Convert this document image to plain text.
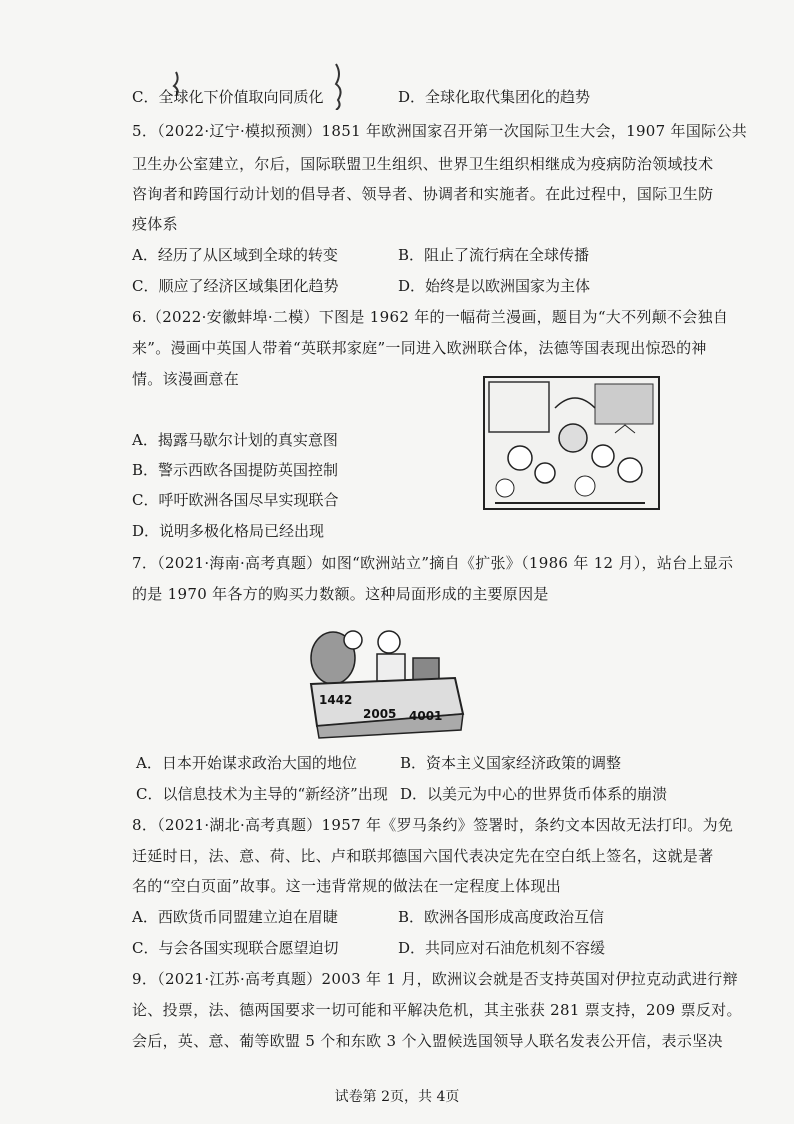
C．全球化下价值取向同质化	D．全球化取代集团化的趋势
5．（2022·辽宁·模拟预测）1851 年欧洲国家召开第一次国际卫生大会，1907 年国际公共
卫生办公室建立，尔后，国际联盟卫生组织、世界卫生组织相继成为疫病防治领域技术
咨询者和跨国行动计划的倡导者、领导者、协调者和实施者。在此过程中，国际卫生防
疫体系
A．经历了从区域到全球的转变	B．阻止了流行病在全球传播
C．顺应了经济区域集团化趋势	D．始终是以欧洲国家为主体
6.（2022·安徽蚌埠·二模）下图是 1962 年的一幅荷兰漫画，题目为“大不列颠不会独自
来”。漫画中英国人带着“英联邦家庭”一同进入欧洲联合体，法德等国表现出惊恐的神
情。该漫画意在
A．揭露马歇尔计划的真实意图
B．警示西欧各国提防英国控制
C．呼吁欧洲各国尽早实现联合
D．说明多极化格局已经出现
7．（2021·海南·高考真题）如图“欧洲站立”摘自《扩张》（1986 年 12 月），站台上显示
的是 1970 年各方的购买力数额。这种局面形成的主要原因是
1442
2005 4001
A．日本开始谋求政治大国的地位	B．资本主义国家经济政策的调整
C．以信息技术为主导的“新经济”出现 D．以美元为中心的世界货币体系的崩溃
8．（2021·湖北·高考真题）1957 年《罗马条约》签署时，条约文本因故无法打印。为免
迁延时日，法、意、荷、比、卢和联邦德国六国代表决定先在空白纸上签名，这就是著
名的“空白页面”故事。这一违背常规的做法在一定程度上体现出
A．西欧货币同盟建立迫在眉睫	B．欧洲各国形成高度政治互信
C．与会各国实现联合愿望迫切	D．共同应对石油危机刻不容缓
9．（2021·江苏·高考真题）2003 年 1 月，欧洲议会就是否支持英国对伊拉克动武进行辩
论、投票，法、德两国要求一切可能和平解决危机，其主张获 281 票支持，209 票反对。
会后，英、意、葡等欧盟 5 个和东欧 3 个入盟候选国领导人联名发表公开信，表示坚决
试卷第 2页，共 4页
